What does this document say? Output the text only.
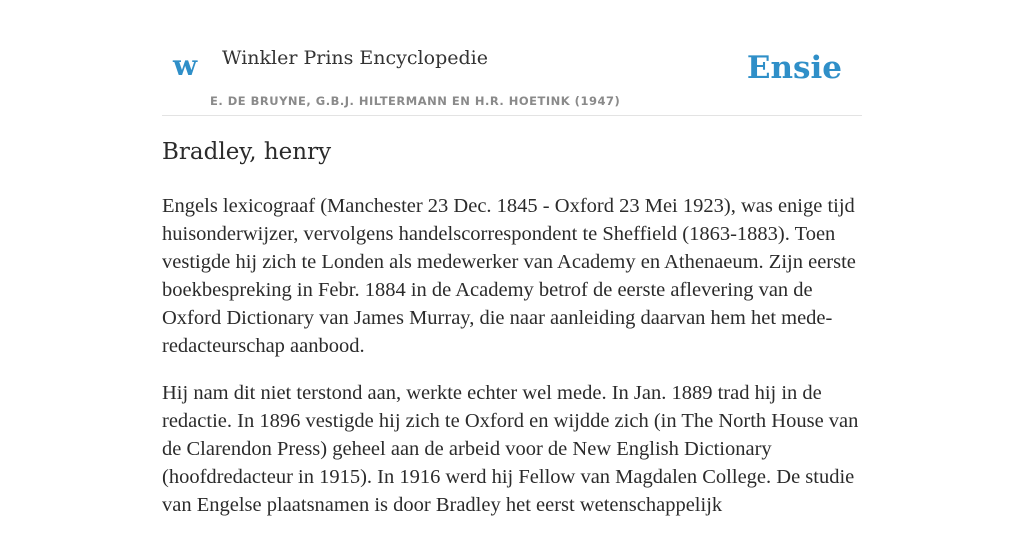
w Winkler Prins Encyclopedie
E. DE BRUYNE, G.B.J. HILTERMANN EN H.R. HOETINK (1947)
Ensie
Bradley, henry

Engels lexicograaf (Manchester 23 Dec. 1845 - Oxford 23 Mei 1923), was enige tijd huisonderwijzer, vervolgens handelscorrespondent te Sheffield (1863-1883). Toen vestigde hij zich te Londen als medewerker van Academy en Athenaeum. Zijn eerste boekbespreking in Febr. 1884 in de Academy betrof de eerste aflevering van de Oxford Dictionary van James Murray, die naar aanleiding daarvan hem het mede-redacteurschap aanbood.

Hij nam dit niet terstond aan, werkte echter wel mede. In Jan. 1889 trad hij in de redactie. In 1896 vestigde hij zich te Oxford en wijdde zich (in The North House van de Clarendon Press) geheel aan de arbeid voor de New English Dictionary (hoofdredacteur in 1915). In 1916 werd hij Fellow van Magdalen College. De studie van Engelse plaatsnamen is door Bradley het eerst wetenschappelijk
